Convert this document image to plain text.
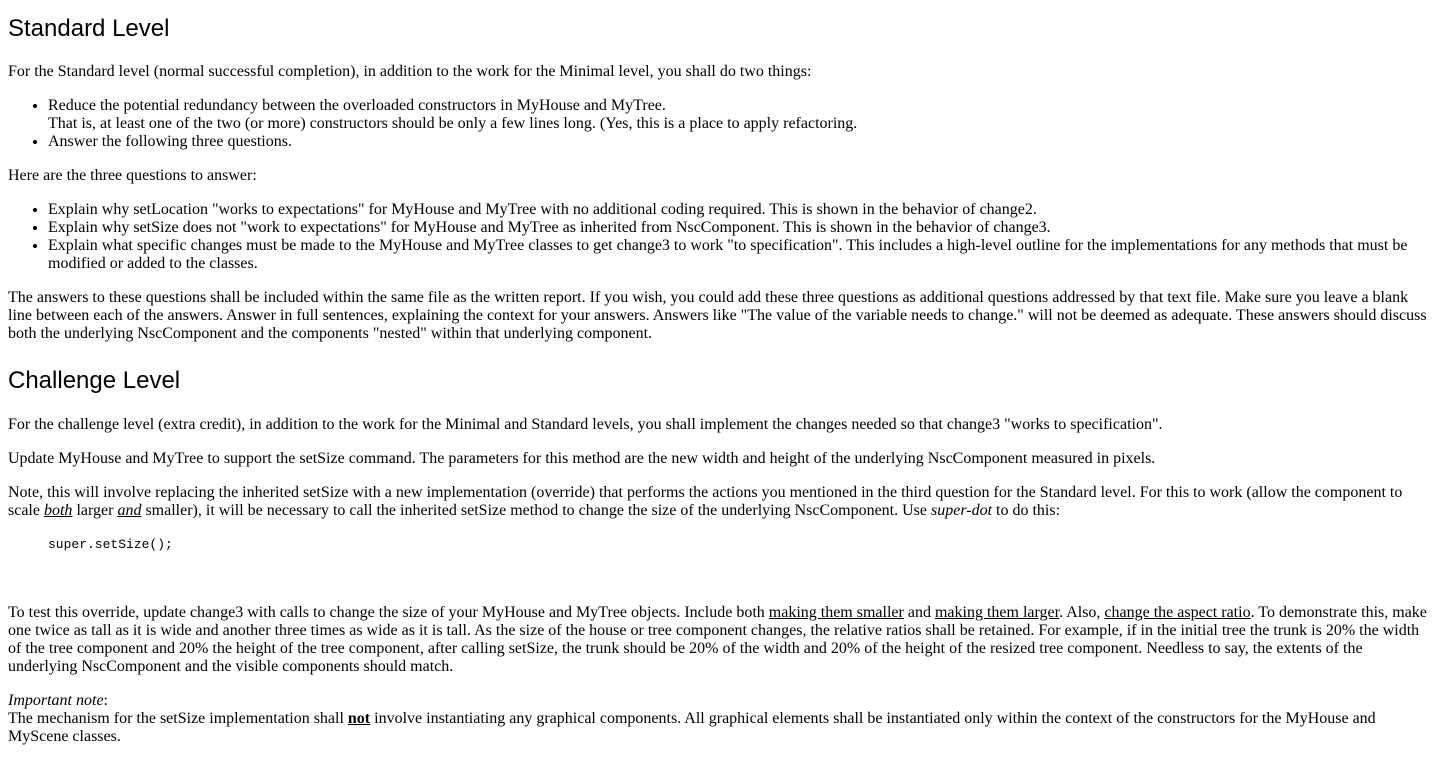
Standard Level

For the Standard level (normal successful completion), in addition to the work for the Minimal level, you shall do two things:

• Reduce the potential redundancy between the overloaded constructors in MyHouse and MyTree.
That is, at least one of the two (or more) constructors should be only a few lines long. (Yes, this is a place to apply refactoring.
• Answer the following three questions.

Here are the three questions to answer:

• Explain why setLocation "works to expectations" for MyHouse and MyTree with no additional coding required. This is shown in the behavior of change2.
• Explain why setSize does not "work to expectations" for MyHouse and MyTree as inherited from NscComponent. This is shown in the behavior of change3.
• Explain what specific changes must be made to the MyHouse and MyTree classes to get change3 to work "to specification". This includes a high-level outline for the implementations for any methods that must be modified or added to the classes.

The answers to these questions shall be included within the same file as the written report. If you wish, you could add these three questions as additional questions addressed by that text file. Make sure you leave a blank line between each of the answers. Answer in full sentences, explaining the context for your answers. Answers like "The value of the variable needs to change." will not be deemed as adequate. These answers should discuss both the underlying NscComponent and the components "nested" within that underlying component.

Challenge Level

For the challenge level (extra credit), in addition to the work for the Minimal and Standard levels, you shall implement the changes needed so that change3 "works to specification".

Update MyHouse and MyTree to support the setSize command. The parameters for this method are the new width and height of the underlying NscComponent measured in pixels.

Note, this will involve replacing the inherited setSize with a new implementation (override) that performs the actions you mentioned in the third question for the Standard level. For this to work (allow the component to scale both larger and smaller), it will be necessary to call the inherited setSize method to change the size of the underlying NscComponent. Use super-dot to do this:

super.setSize();

To test this override, update change3 with calls to change the size of your MyHouse and MyTree objects. Include both making them smaller and making them larger. Also, change the aspect ratio. To demonstrate this, make one twice as tall as it is wide and another three times as wide as it is tall. As the size of the house or tree component changes, the relative ratios shall be retained. For example, if in the initial tree the trunk is 20% the width of the tree component and 20% the height of the tree component, after calling setSize, the trunk should be 20% of the width and 20% of the height of the resized tree component. Needless to say, the extents of the underlying NscComponent and the visible components should match.

Important note:
The mechanism for the setSize implementation shall not involve instantiating any graphical components. All graphical elements shall be instantiated only within the context of the constructors for the MyHouse and MyScene classes.
